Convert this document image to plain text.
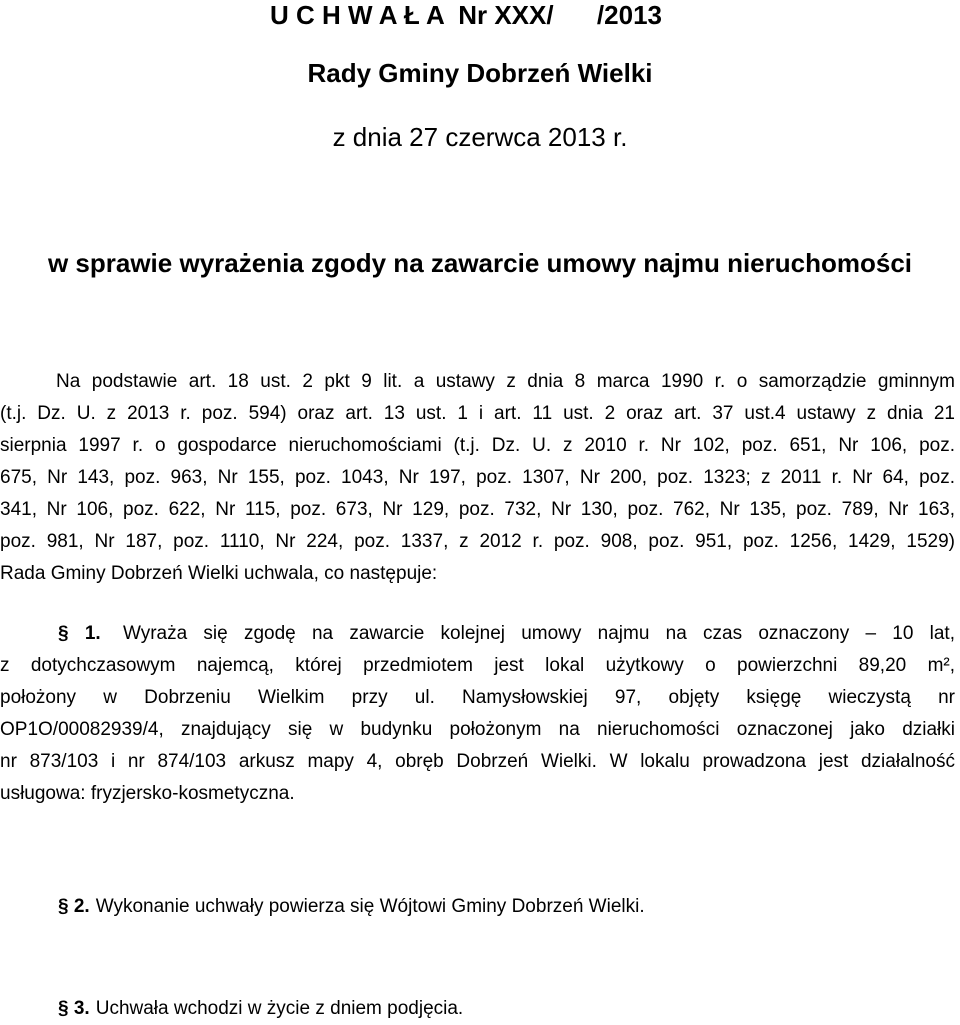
U C H W A Ł A  Nr XXX/      /2013
Rady Gminy Dobrzeń Wielki
z dnia 27 czerwca 2013 r.
w sprawie wyrażenia zgody na zawarcie umowy najmu nieruchomości
Na podstawie art. 18 ust. 2 pkt 9 lit. a ustawy z dnia 8 marca 1990 r. o samorządzie gminnym
(t.j. Dz. U. z 2013 r. poz. 594) oraz art. 13 ust. 1 i art. 11 ust. 2 oraz art. 37 ust.4 ustawy z dnia 21
sierpnia 1997 r. o gospodarce nieruchomościami (t.j. Dz. U. z 2010 r. Nr 102, poz. 651, Nr 106, poz.
675, Nr 143, poz. 963, Nr 155, poz. 1043, Nr 197, poz. 1307, Nr 200, poz. 1323; z 2011 r. Nr 64, poz.
341, Nr 106, poz. 622, Nr 115, poz. 673, Nr 129, poz. 732, Nr 130, poz. 762, Nr 135, poz. 789, Nr 163,
poz. 981, Nr 187, poz. 1110, Nr 224, poz. 1337, z 2012 r. poz. 908, poz. 951, poz. 1256, 1429, 1529)
Rada Gminy Dobrzeń Wielki uchwala, co następuje:
§ 1. Wyraża się zgodę na zawarcie kolejnej umowy najmu na czas oznaczony – 10 lat,
z dotychczasowym najemcą, której przedmiotem jest lokal użytkowy o powierzchni 89,20 m²,
położony w Dobrzeniu Wielkim przy ul. Namysłowskiej 97, objęty księgę wieczystą nr
OP1O/00082939/4, znajdujący się w budynku położonym na nieruchomości oznaczonej jako działki
nr 873/103 i nr 874/103 arkusz mapy 4, obręb Dobrzeń Wielki. W lokalu prowadzona jest działalność
usługowa: fryzjersko-kosmetyczna.
§ 2. Wykonanie uchwały powierza się Wójtowi Gminy Dobrzeń Wielki.
§ 3. Uchwała wchodzi w życie z dniem podjęcia.
